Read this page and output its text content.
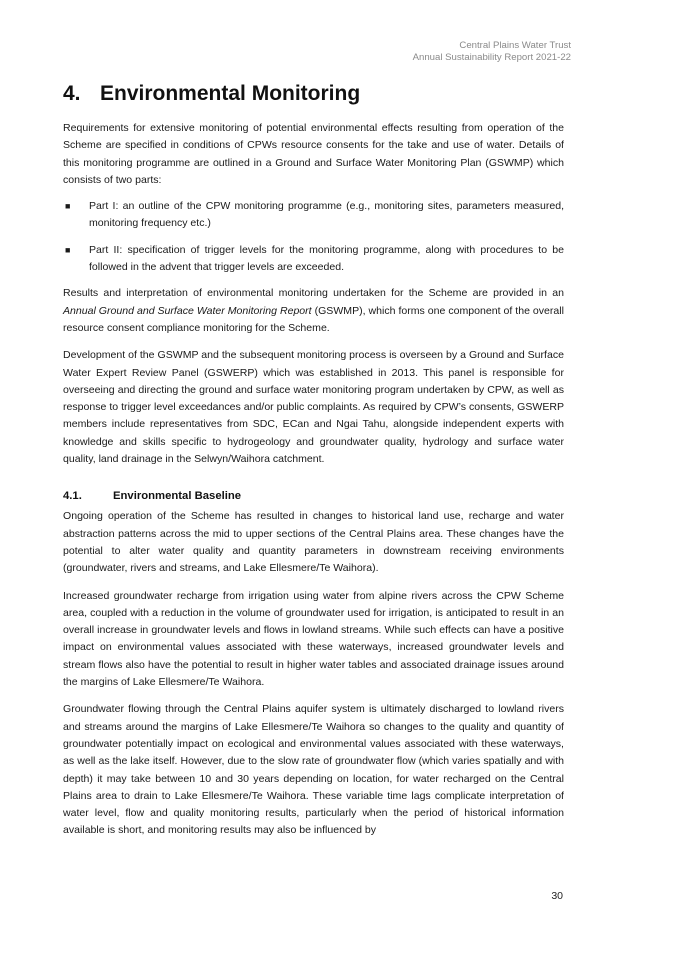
Central Plains Water Trust
Annual Sustainability Report 2021-22
4. Environmental Monitoring

Requirements for extensive monitoring of potential environmental effects resulting from operation of the Scheme are specified in conditions of CPWs resource consents for the take and use of water. Details of this monitoring programme are outlined in a Ground and Surface Water Monitoring Plan (GSWMP) which consists of two parts:

■ Part I: an outline of the CPW monitoring programme (e.g., monitoring sites, parameters measured, monitoring frequency etc.)
■ Part II: specification of trigger levels for the monitoring programme, along with procedures to be followed in the advent that trigger levels are exceeded.

Results and interpretation of environmental monitoring undertaken for the Scheme are provided in an Annual Ground and Surface Water Monitoring Report (GSWMP), which forms one component of the overall resource consent compliance monitoring for the Scheme.

Development of the GSWMP and the subsequent monitoring process is overseen by a Ground and Surface Water Expert Review Panel (GSWERP) which was established in 2013. This panel is responsible for overseeing and directing the ground and surface water monitoring program undertaken by CPW, as well as response to trigger level exceedances and/or public complaints. As required by CPW’s consents, GSWERP members include representatives from SDC, ECan and Ngai Tahu, alongside independent experts with knowledge and skills specific to hydrogeology and groundwater quality, hydrology and surface water quality, land drainage in the Selwyn/Waihora catchment.

4.1.	Environmental Baseline

Ongoing operation of the Scheme has resulted in changes to historical land use, recharge and water abstraction patterns across the mid to upper sections of the Central Plains area. These changes have the potential to alter water quality and quantity parameters in downstream receiving environments (groundwater, rivers and streams, and Lake Ellesmere/Te Waihora).

Increased groundwater recharge from irrigation using water from alpine rivers across the CPW Scheme area, coupled with a reduction in the volume of groundwater used for irrigation, is anticipated to result in an overall increase in groundwater levels and flows in lowland streams. While such effects can have a positive impact on environmental values associated with these waterways, increased groundwater levels and stream flows also have the potential to result in higher water tables and associated drainage issues around the margins of Lake Ellesmere/Te Waihora.

Groundwater flowing through the Central Plains aquifer system is ultimately discharged to lowland rivers and streams around the margins of Lake Ellesmere/Te Waihora so changes to the quality and quantity of groundwater potentially impact on ecological and environmental values associated with these waterways, as well as the lake itself. However, due to the slow rate of groundwater flow (which varies spatially and with depth) it may take between 10 and 30 years depending on location, for water recharged on the Central Plains area to drain to Lake Ellesmere/Te Waihora. These variable time lags complicate interpretation of water level, flow and quality monitoring results, particularly when the period of historical information available is short, and monitoring results may also be influenced by

30
